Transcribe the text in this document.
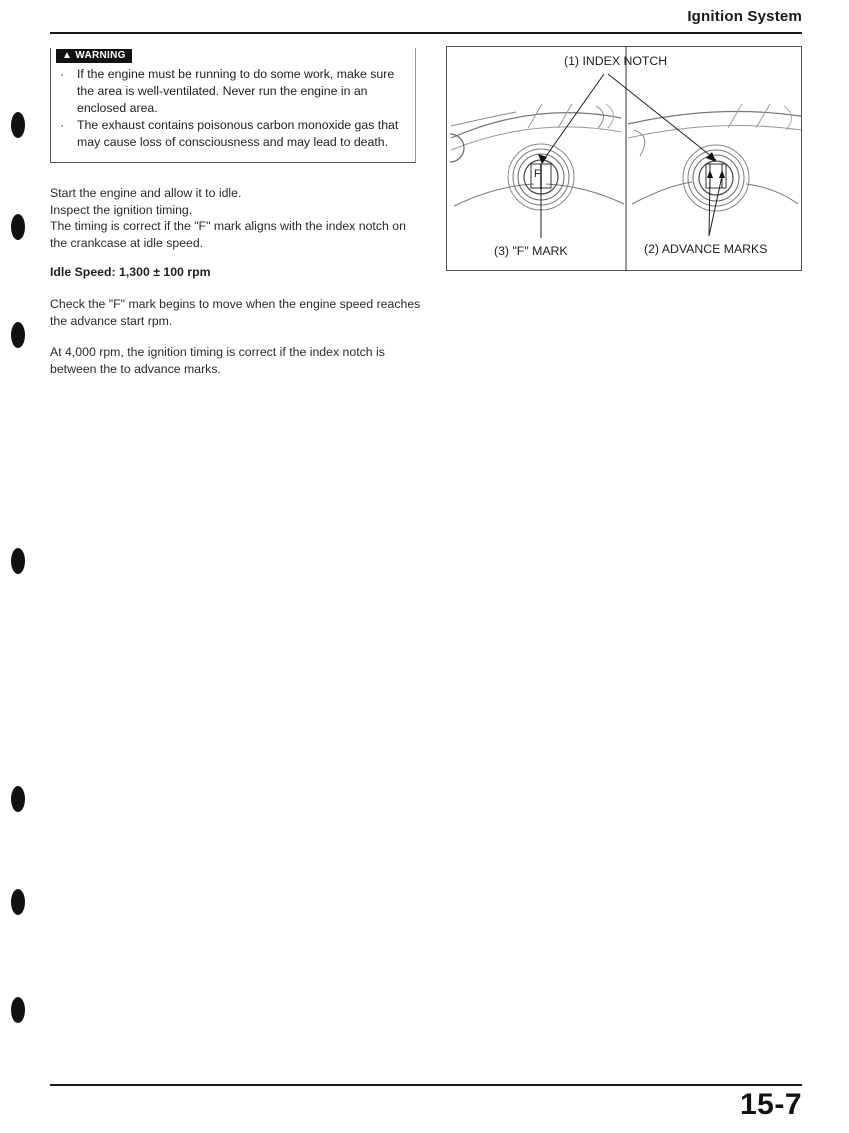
Ignition System
▲ WARNING

· If the engine must be running to do some work, make sure the area is well-ventilated. Never run the engine in an enclosed area.

· The exhaust contains poisonous carbon monoxide gas that may cause loss of consciousness and may lead to death.

Start the engine and allow it to idle.
Inspect the ignition timing.
The timing is correct if the "F" mark aligns with the index notch on the crankcase at idle speed.
Idle Speed: 1,300 ± 100 rpm
Check the "F" mark begins to move when the engine speed reaches the advance start rpm.
At 4,000 rpm, the ignition timing is correct if the index notch is between the to advance marks.
F
(1) INDEX NOTCH
(3) "F" MARK	(2) ADVANCE MARKS
15-7
